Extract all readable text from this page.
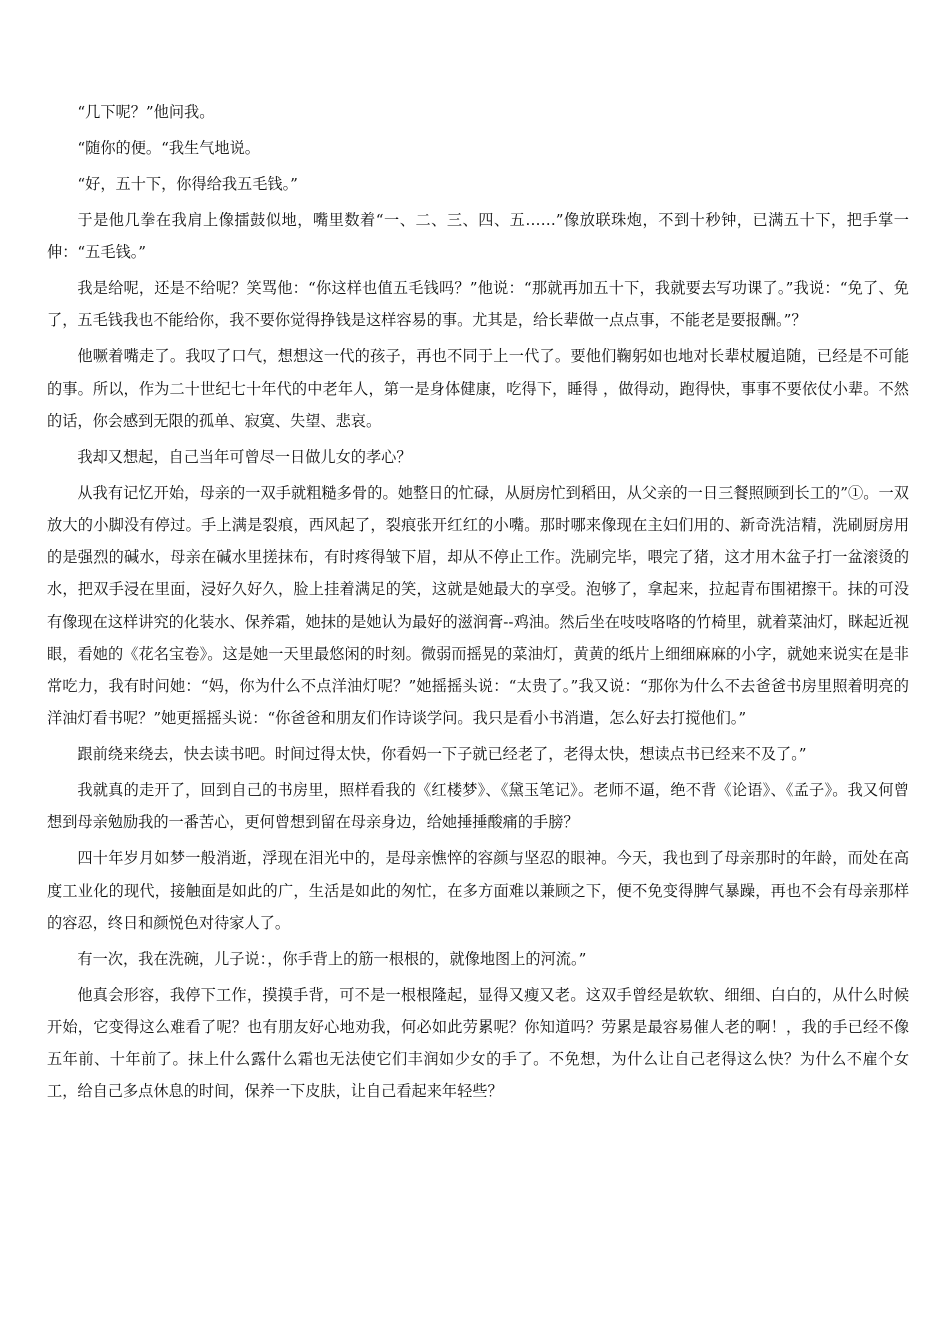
“几下呢？”他问我。

“随你的便。“我生气地说。

“好，五十下，你得给我五毛钱。”

于是他几拳在我肩上像擂鼓似地，嘴里数着“一、二、三、四、五……”像放联珠炮，不到十秒钟，已满五十下，把手掌一伸：“五毛钱。”

我是给呢，还是不给呢？笑骂他：“你这样也值五毛钱吗？”他说：“那就再加五十下，我就要去写功课了。”我说：“免了、免了，五毛钱我也不能给你，我不要你觉得挣钱是这样容易的事。尤其是，给长辈做一点点事，不能老是要报酬。”？

他噘着嘴走了。我叹了口气，想想这一代的孩子，再也不同于上一代了。要他们鞠躬如也地对长辈杖履追随，已经是不可能的事。所以，作为二十世纪七十年代的中老年人，第一是身体健康，吃得下，睡得 ，做得动，跑得快，事事不要依仗小辈。不然的话，你会感到无限的孤单、寂寞、失望、悲哀。

我却又想起，自己当年可曾尽一日做儿女的孝心？

从我有记忆开始，母亲的一双手就粗糙多骨的。她整日的忙碌，从厨房忙到稻田，从父亲的一日三餐照顾到长工的”①。一双放大的小脚没有停过。手上满是裂痕，西风起了，裂痕张开红红的小嘴。那时哪来像现在主妇们用的、新奇洗洁精，洗刷厨房用的是强烈的碱水，母亲在碱水里搓抹布，有时疼得皱下眉，却从不停止工作。洗刷完毕，喂完了猪，这才用木盆子打一盆滚烫的水，把双手浸在里面，浸好久好久，脸上挂着满足的笑，这就是她最大的享受。泡够了，拿起来，拉起青布围裙擦干。抹的可没有像现在这样讲究的化装水、保养霜，她抹的是她认为最好的滋润膏--鸡油。然后坐在吱吱咯咯的竹椅里，就着菜油灯，眯起近视眼，看她的《花名宝卷》。这是她一天里最悠闲的时刻。微弱而摇晃的菜油灯，黄黄的纸片上细细麻麻的小字，就她来说实在是非常吃力，我有时问她：“妈，你为什么不点洋油灯呢？”她摇摇头说：“太贵了。”我又说：“那你为什么不去爸爸书房里照着明亮的洋油灯看书呢？”她更摇摇头说：“你爸爸和朋友们作诗谈学问。我只是看小书消遣，怎么好去打搅他们。”

跟前绕来绕去，快去读书吧。时间过得太快，你看妈一下子就已经老了，老得太快，想读点书已经来不及了。”

我就真的走开了，回到自己的书房里，照样看我的《红楼梦》、《黛玉笔记》。老师不逼，绝不背《论语》、《孟子》。我又何曾想到母亲勉励我的一番苦心，更何曾想到留在母亲身边，给她捶捶酸痛的手膀？

四十年岁月如梦一般消逝，浮现在泪光中的，是母亲憔悴的容颜与坚忍的眼神。今天，我也到了母亲那时的年龄，而处在高度工业化的现代，接触面是如此的广，生活是如此的匆忙，在多方面难以兼顾之下，便不免变得脾气暴躁，再也不会有母亲那样的容忍，终日和颜悦色对待家人了。

有一次，我在洗碗，儿子说：，你手背上的筋一根根的，就像地图上的河流。”

他真会形容，我停下工作，摸摸手背，可不是一根根隆起，显得又瘦又老。这双手曾经是软软、细细、白白的，从什么时候开始，它变得这么难看了呢？也有朋友好心地劝我，何必如此劳累呢？你知道吗？劳累是最容易催人老的啊！，我的手已经不像五年前、十年前了。抹上什么露什么霜也无法使它们丰润如少女的手了。不免想，为什么让自己老得这么快？为什么不雇个女工，给自己多点休息的时间，保养一下皮肤，让自己看起来年轻些？
